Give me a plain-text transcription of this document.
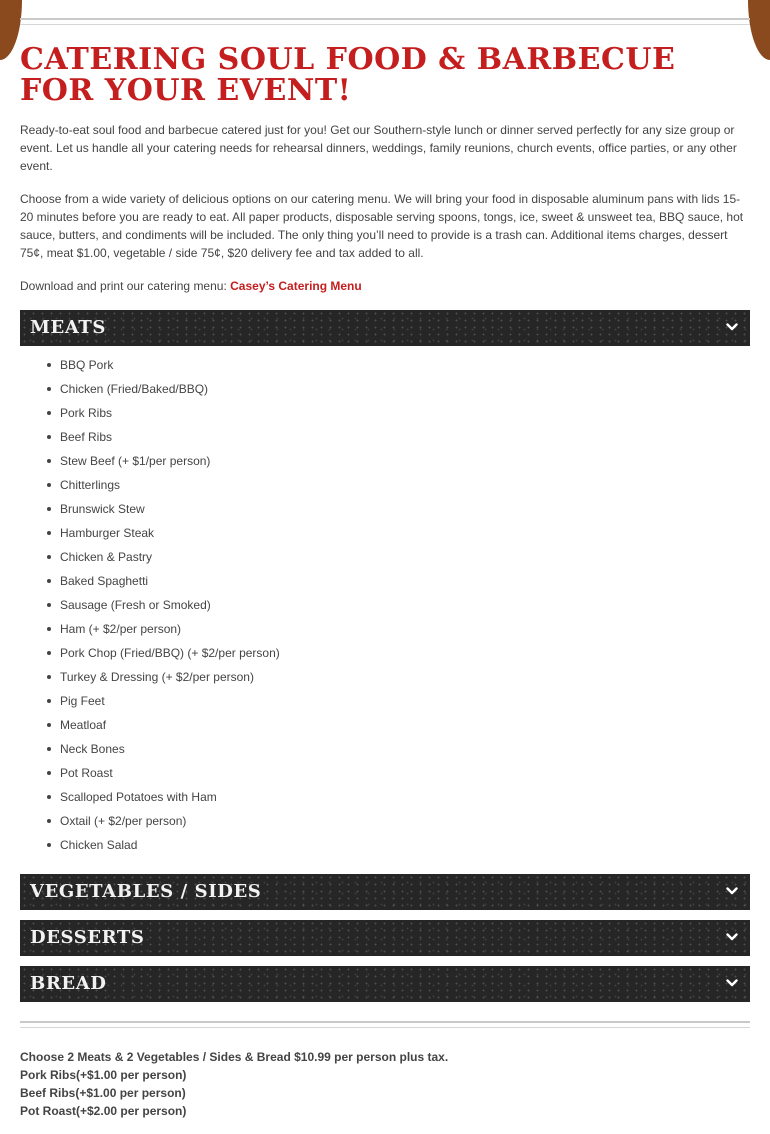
CATERING SOUL FOOD & BARBECUE FOR YOUR EVENT!

Ready-to-eat soul food and barbecue catered just for you! Get our Southern-style lunch or dinner served perfectly for any size group or event. Let us handle all your catering needs for rehearsal dinners, weddings, family reunions, church events, office parties, or any other event.

Choose from a wide variety of delicious options on our catering menu. We will bring your food in disposable aluminum pans with lids 15-20 minutes before you are ready to eat. All paper products, disposable serving spoons, tongs, ice, sweet & unsweet tea, BBQ sauce, hot sauce, butters, and condiments will be included. The only thing you’ll need to provide is a trash can. Additional items charges, dessert 75¢, meat $1.00, vegetable / side 75¢, $20 delivery fee and tax added to all.

Download and print our catering menu: Casey’s Catering Menu

MEATS
BBQ Pork
Chicken (Fried/Baked/BBQ)
Pork Ribs
Beef Ribs
Stew Beef (+ $1/per person)
Chitterlings
Brunswick Stew
Hamburger Steak
Chicken & Pastry
Baked Spaghetti
Sausage (Fresh or Smoked)
Ham (+ $2/per person)
Pork Chop (Fried/BBQ) (+ $2/per person)
Turkey & Dressing (+ $2/per person)
Pig Feet
Meatloaf
Neck Bones
Pot Roast
Scalloped Potatoes with Ham
Oxtail (+ $2/per person)
Chicken Salad
VEGETABLES / SIDES
DESSERTS
BREAD
Choose 2 Meats & 2 Vegetables / Sides & Bread $10.99 per person plus tax.
Pork Ribs(+$1.00 per person)
Beef Ribs(+$1.00 per person)
Pot Roast(+$2.00 per person)
